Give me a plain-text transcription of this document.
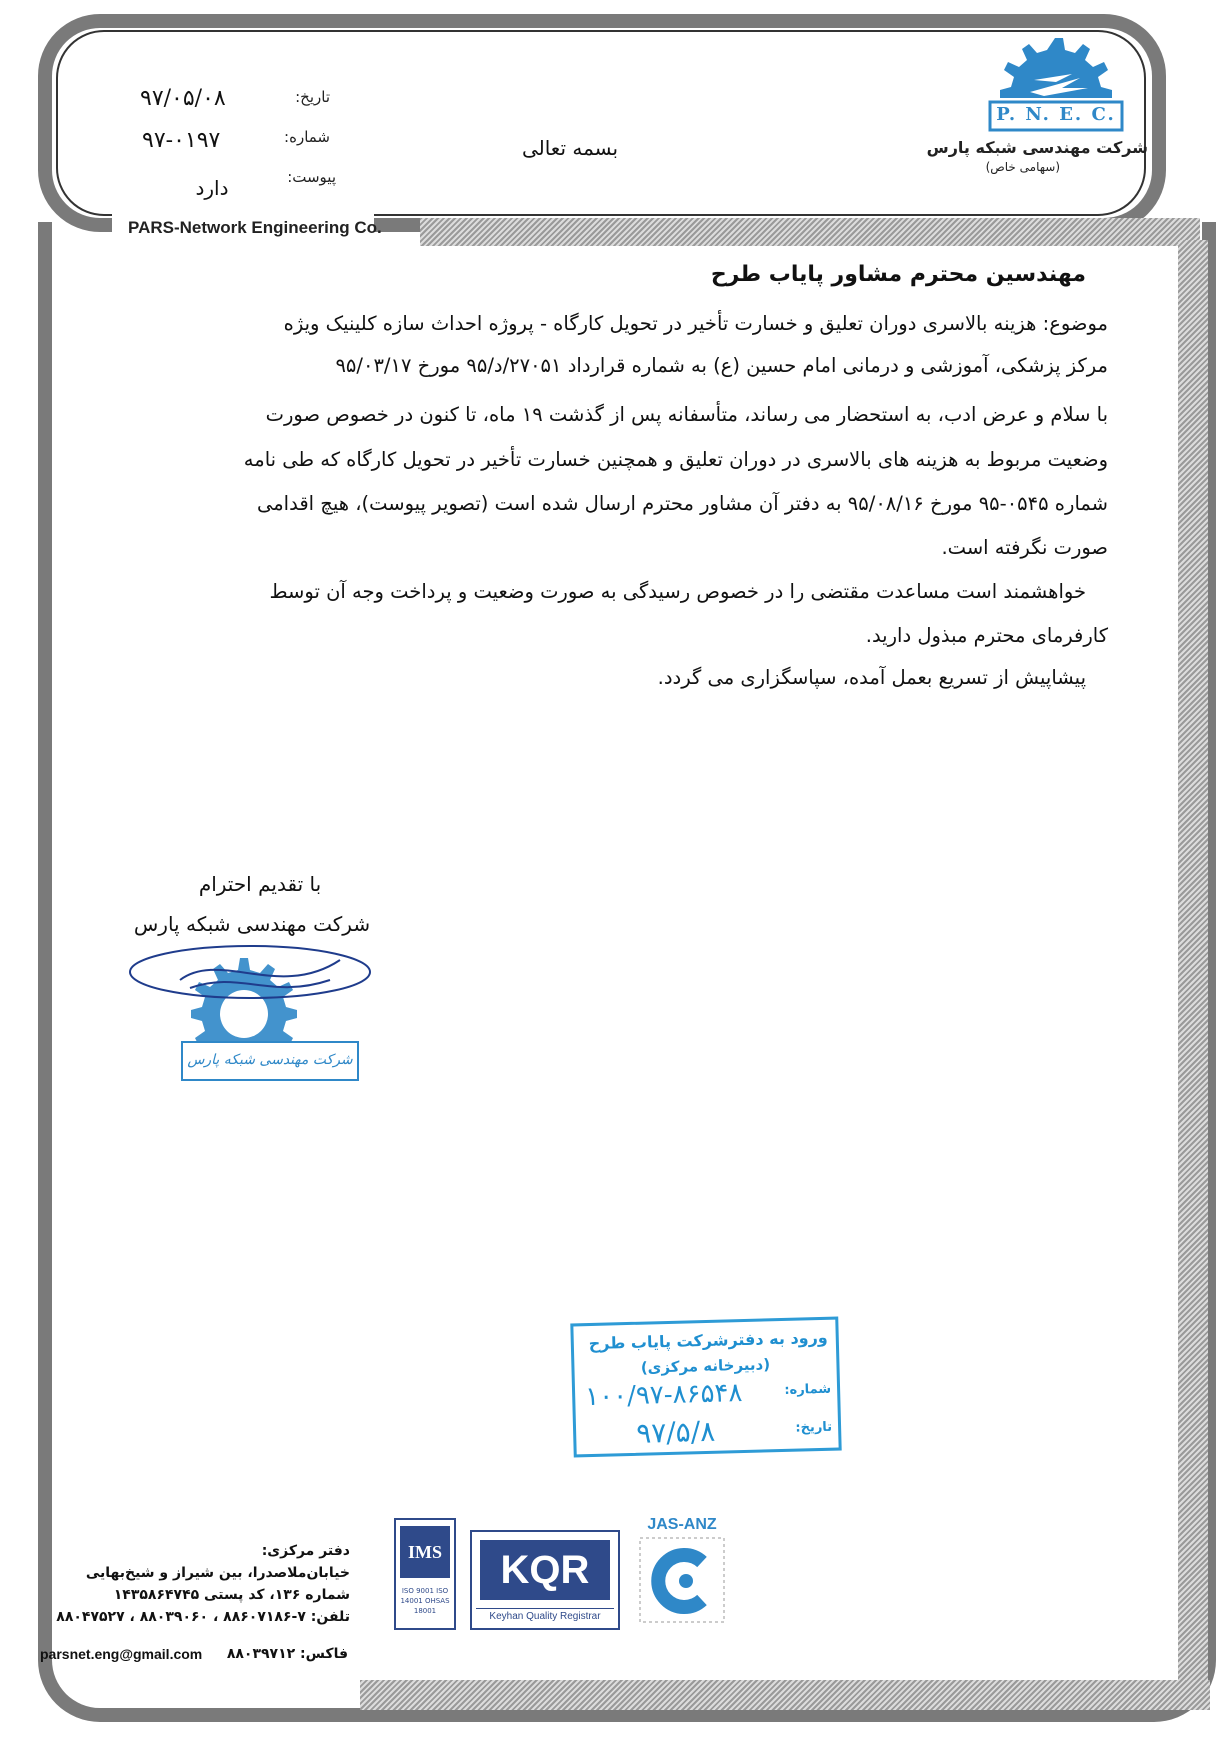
PARS-Network Engineering Co.
P. N. E. C.
شرکت مهندسی شبکه پارس
(سهامی خاص)
بسمه تعالی
تاریخ:
۹۷/۰۵/۰۸
شماره:
۹۷-۰۱۹۷
پیوست:
دارد
مهندسین محترم مشاور پایاب طرح
موضوع: هزینه بالاسری دوران تعلیق و خسارت تأخیر در تحویل کارگاه - پروژه احداث سازه کلینیک ویژه
مرکز پزشکی، آموزشی و درمانی امام حسین (ع) به شماره قرارداد ۲۷۰۵۱/د/۹۵ مورخ ۹۵/۰۳/۱۷
با سلام و عرض ادب، به استحضار می رساند، متأسفانه پس از گذشت ۱۹ ماه، تا کنون در خصوص صورت
وضعیت مربوط به هزینه های بالاسری در دوران تعلیق و همچنین خسارت تأخیر در تحویل کارگاه که طی نامه
شماره ۰۵۴۵-۹۵ مورخ ۹۵/۰۸/۱۶ به دفتر آن مشاور محترم ارسال شده است (تصویر پیوست)، هیچ اقدامی
صورت نگرفته است.
خواهشمند است مساعدت مقتضی را در خصوص رسیدگی به صورت وضعیت و پرداخت وجه آن توسط
کارفرمای محترم مبذول دارید.
پیشاپیش از تسریع بعمل آمده، سپاسگزاری می گردد.
با تقدیم احترام
شرکت مهندسی شبکه پارس
شرکت مهندسی شبکه پارس
ورود به دفترشرکت پایاب طرح
(دبیرخانه مرکزی)
شماره:
۱۰۰/۹۷-۸۶۵۴۸
تاریخ:
۹۷/۵/۸
دفتر مرکزی:
خیابان‌ملاصدرا، بین شیراز و شیخ‌بهایی
شماره ۱۳۶، کد پستی ۱۴۳۵۸۶۴۷۴۵
تلفن: ۷-۸۸۶۰۷۱۸۶ ، ۸۸۰۳۹۰۶۰ ، ۸۸۰۴۷۵۲۷
parsnet.eng@gmail.com	فاکس: ۸۸۰۳۹۷۱۲
IMS
ISO 9001 ISO 14001 OHSAS 18001
KQR
Keyhan Quality Registrar
JAS-ANZ
